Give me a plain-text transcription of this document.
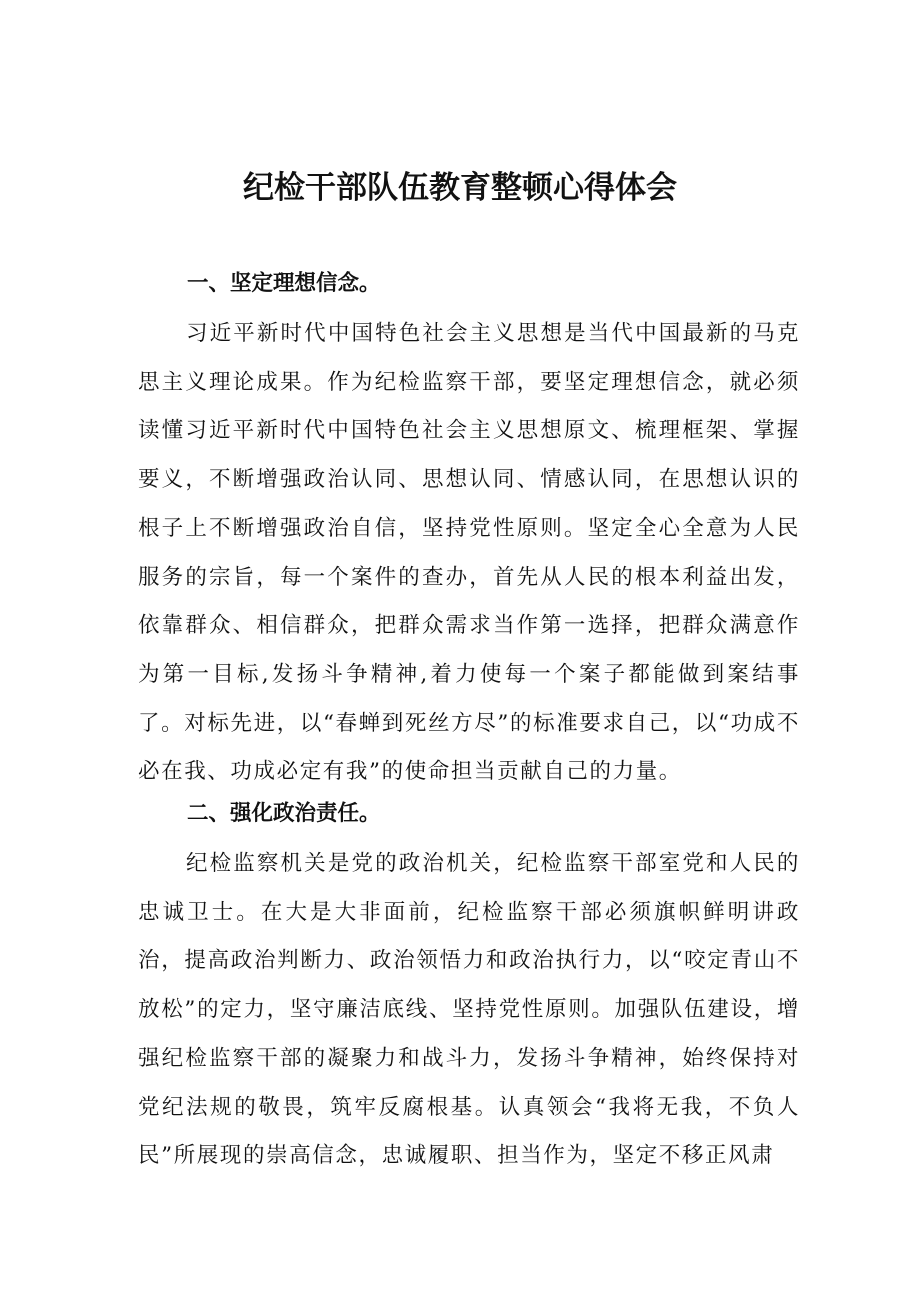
纪检干部队伍教育整顿心得体会
一、坚定理想信念。

习近平新时代中国特色社会主义思想是当代中国最新的马克思主义理论成果。作为纪检监察干部，要坚定理想信念，就必须读懂习近平新时代中国特色社会主义思想原文、梳理框架、掌握要义，不断增强政治认同、思想认同、情感认同，在思想认识的根子上不断增强政治自信，坚持党性原则。坚定全心全意为人民服务的宗旨，每一个案件的查办，首先从人民的根本利益出发，依靠群众、相信群众，把群众需求当作第一选择，把群众满意作为第一目标,发扬斗争精神,着力使每一个案子都能做到案结事了。对标先进，以“春蝉到死丝方尽”的标准要求自己，以“功成不必在我、功成必定有我”的使命担当贡献自己的力量。

二、强化政治责任。

纪检监察机关是党的政治机关，纪检监察干部室党和人民的忠诚卫士。在大是大非面前，纪检监察干部必须旗帜鲜明讲政治，提高政治判断力、政治领悟力和政治执行力，以“咬定青山不放松”的定力，坚守廉洁底线、坚持党性原则。加强队伍建设，增强纪检监察干部的凝聚力和战斗力，发扬斗争精神，始终保持对党纪法规的敬畏，筑牢反腐根基。认真领会“我将无我，不负人民”所展现的崇高信念，忠诚履职、担当作为，坚定不移正风肃
